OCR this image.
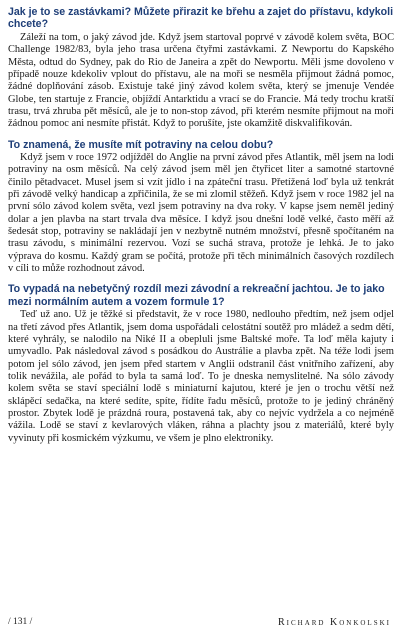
Jak je to se zastávkami? Můžete přirazit ke břehu a zajet do přístavu, kdykoli chcete?

Záleží na tom, o jaký závod jde. Když jsem startoval poprvé v závodě kolem světa, BOC Challenge 1982/83, byla jeho trasa určena čtyřmi zastávkami. Z Newportu do Kapského Města, odtud do Sydney, pak do Rio de Janeira a zpět do Newportu. Měli jsme dovoleno v případě nouze kdekoliv vplout do přístavu, ale na moři se nesměla přijmout žádná pomoc, žádné doplňování zásob. Existuje také jiný závod kolem světa, který se jmenuje Vendée Globe, ten startuje z Francie, objíždí Antarktidu a vrací se do Francie. Má tedy trochu kratší trasu, trvá zhruba pět měsíců, ale je to non-stop závod, při kterém nesmíte přijmout na moři žádnou pomoc ani nesmíte přistát. Když to porušíte, jste okamžitě diskvalifikován.

To znamená, že musíte mít potraviny na celou dobu?

Když jsem v roce 1972 odjížděl do Anglie na první závod přes Atlantik, měl jsem na lodi potraviny na osm měsíců. Na celý závod jsem měl jen čtyřicet liter a samotné startovné činilo pětadvacet. Musel jsem si vzít jídlo i na zpáteční trasu. Přetížená loď byla už tenkrát při závodě velký handicap a zpřičinila, že se mi zlomil stěžeň. Když jsem v roce 1982 jel na první sólo závod kolem světa, vezl jsem potraviny na dva roky. V kapse jsem neměl jediný dolar a jen plavba na start trvala dva měsíce. I když jsou dnešní lodě velké, často měří až šedesát stop, potraviny se nakládají jen v nezbytně nutném množství, přesně spočítaném na trasu závodu, s minimální rezervou. Vozí se suchá strava, protože je lehká. Je to jako výprava do kosmu. Každý gram se počítá, protože při těch minimálních časových rozdílech v cíli to může rozhodnout závod.

To vypadá na nebetyčný rozdíl mezi závodní a rekreační jachtou. Je to jako mezi normálním autem a vozem formule 1?

Teď už ano. Už je těžké si představit, že v roce 1980, nedlouho předtím, než jsem odjel na třetí závod přes Atlantik, jsem doma uspořádali celostátní soutěž pro mládež a sedm dětí, které vyhrály, se nalodilo na Niké II a obepluli jsme Baltské moře. Ta loď měla kajuty i umyvadlo. Pak následoval závod s posádkou do Austrálie a plavba zpět. Na téže lodi jsem potom jel sólo závod, jen jsem před startem v Anglii odstranil část vnitřního zařízení, aby tolik nevážila, ale pořád to byla ta samá loď. To je dneska nemyslitelné. Na sólo závody kolem světa se staví speciální lodě s miniaturní kajutou, které je jen o trochu větší než sklápěcí sedačka, na které sedíte, spíte, řídíte řadu měsíců, protože to je jediný chráněný prostor. Zbytek lodě je prázdná roura, postavená tak, aby co nejvíc vydržela a co nejméně vážila. Lodě se staví z kevlarových vláken, ráhna a plachty jsou z materiálů, které byly vyvinuty při kosmickém výzkumu, ve všem je plno elektroniky.

/ 131 /	Richard Konkolski
